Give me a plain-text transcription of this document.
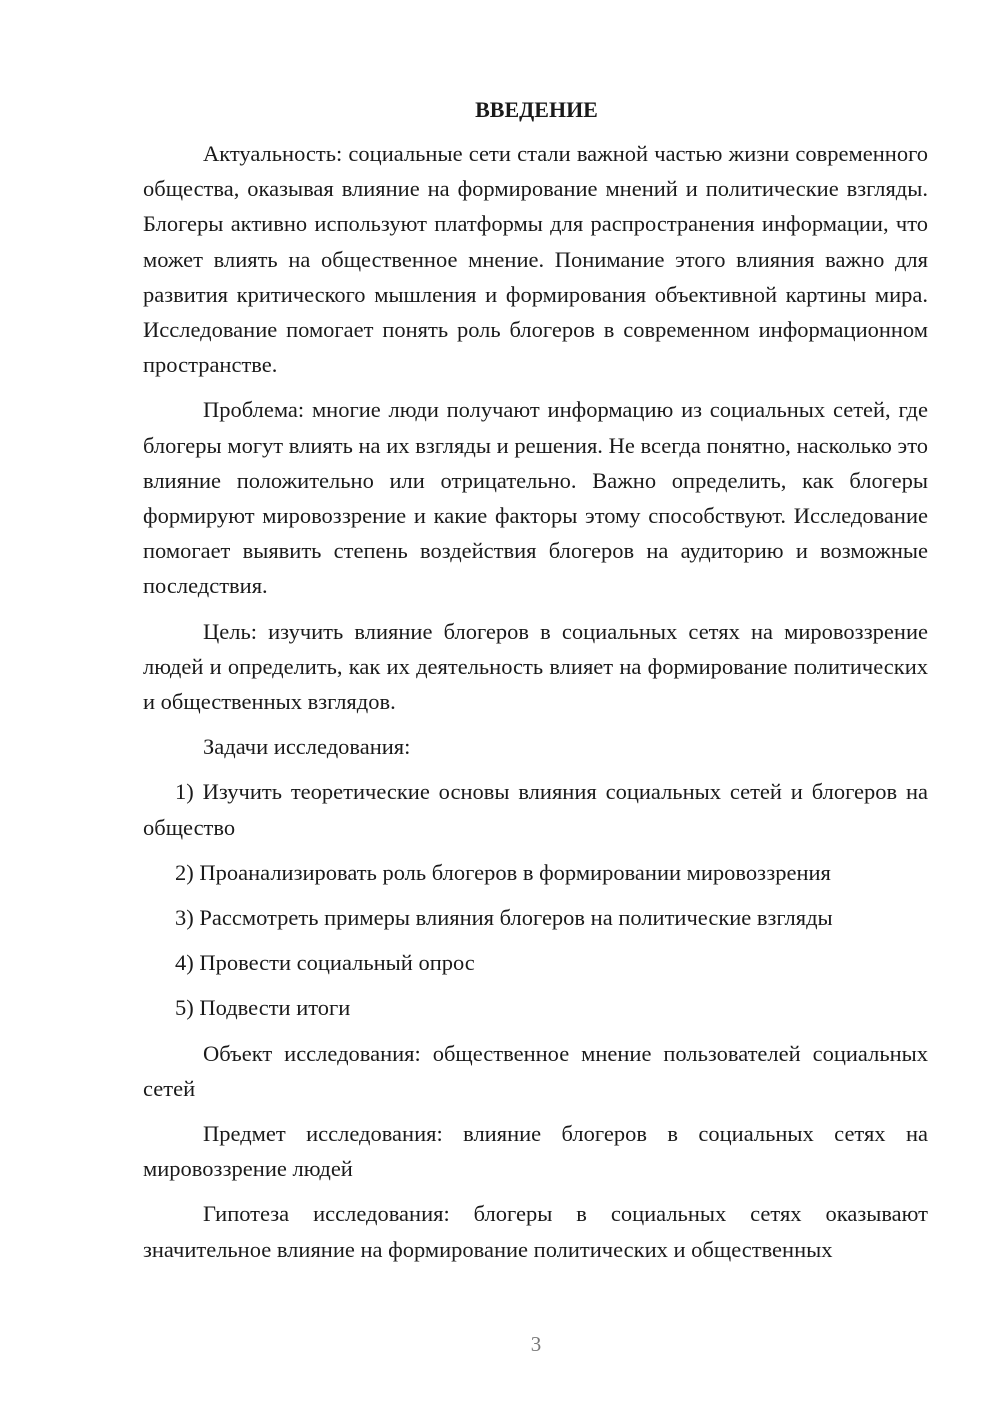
ВВЕДЕНИЕ

Актуальность: социальные сети стали важной частью жизни современного общества, оказывая влияние на формирование мнений и политические взгляды. Блогеры активно используют платформы для распространения информации, что может влиять на общественное мнение. Понимание этого влияния важно для развития критического мышления и формирования объективной картины мира. Исследование помогает понять роль блогеров в современном информационном пространстве.

Проблема: многие люди получают информацию из социальных сетей, где блогеры могут влиять на их взгляды и решения. Не всегда понятно, насколько это влияние положительно или отрицательно. Важно определить, как блогеры формируют мировоззрение и какие факторы этому способствуют. Исследование помогает выявить степень воздействия блогеров на аудиторию и возможные последствия.

Цель: изучить влияние блогеров в социальных сетях на мировоззрение людей и определить, как их деятельность влияет на формирование политических и общественных взглядов.

Задачи исследования:

1) Изучить теоретические основы влияния социальных сетей и блогеров на общество

2) Проанализировать роль блогеров в формировании мировоззрения

3) Рассмотреть примеры влияния блогеров на политические взгляды

4) Провести социальный опрос

5) Подвести итоги

Объект исследования: общественное мнение пользователей социальных сетей

Предмет исследования: влияние блогеров в социальных сетях на мировоззрение людей

Гипотеза исследования: блогеры в социальных сетях оказывают значительное влияние на формирование политических и общественных

3
